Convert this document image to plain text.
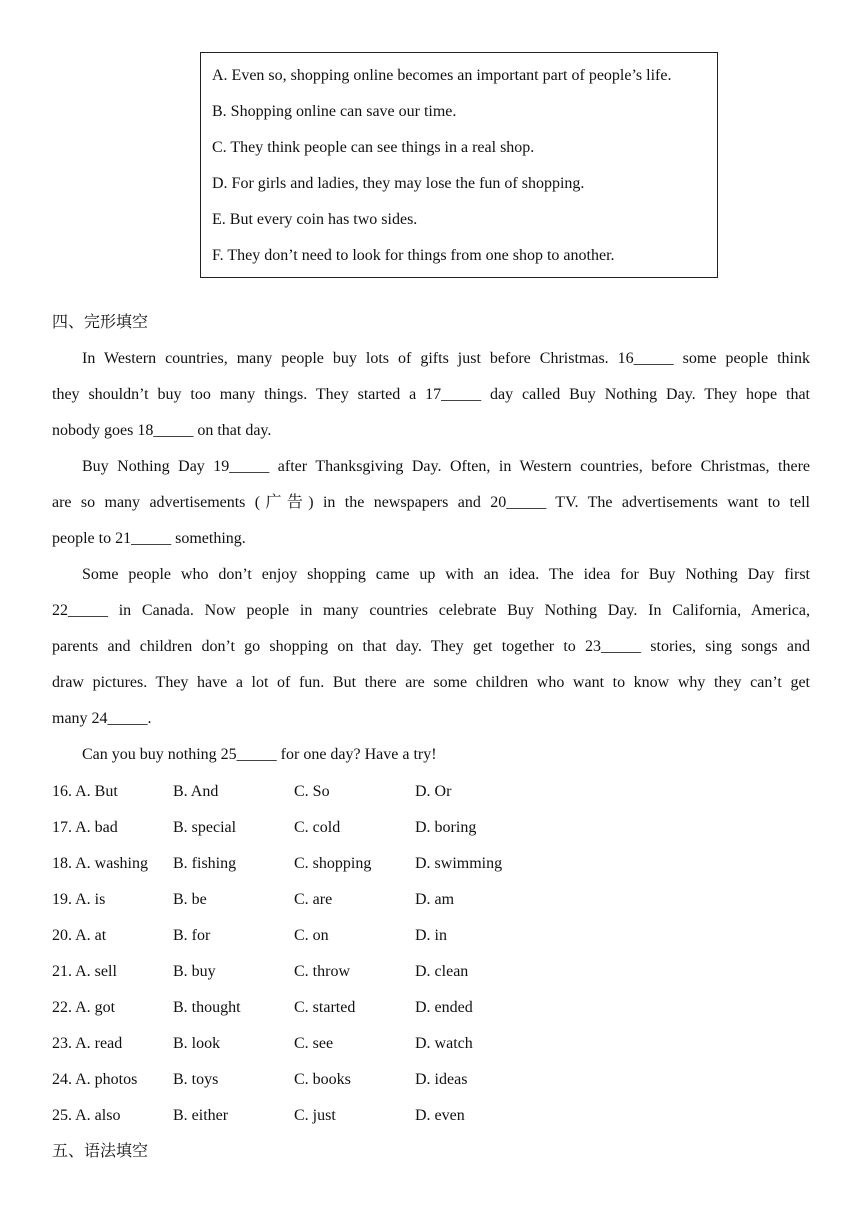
A. Even so, shopping online becomes an important part of people’s life.
B. Shopping online can save our time.
C. They think people can see things in a real shop.
D. For girls and ladies, they may lose the fun of shopping.
E. But every coin has two sides.
F. They don’t need to look for things from one shop to another.
四、完形填空
In Western countries, many people buy lots of gifts just before Christmas. 16_____ some people think
they shouldn’t buy too many things. They started a 17_____ day called Buy Nothing Day. They hope that
nobody goes 18_____ on that day.
Buy Nothing Day 19_____ after Thanksgiving Day. Often, in Western countries, before Christmas, there
are so many advertisements (广告) in the newspapers and 20_____ TV. The advertisements want to tell
people to 21_____ something.
Some people who don’t enjoy shopping came up with an idea. The idea for Buy Nothing Day first
22_____ in Canada. Now people in many countries celebrate Buy Nothing Day. In California, America,
parents and children don’t go shopping on that day. They get together to 23_____ stories, sing songs and
draw pictures. They have a lot of fun. But there are some children who want to know why they can’t get
many 24_____.
Can you buy nothing 25_____ for one day? Have a try!
16. A. But	B. And	C. So	D. Or
17. A. bad	B. special	C. cold	D. boring
18. A. washing	B. fishing	C. shopping	D. swimming
19. A. is	B. be	C. are	D. am
20. A. at	B. for	C. on	D. in
21. A. sell	B. buy	C. throw	D. clean
22. A. got	B. thought	C. started	D. ended
23. A. read	B. look	C. see	D. watch
24. A. photos	B. toys	C. books	D. ideas
25. A. also	B. either	C. just	D. even
五、语法填空
